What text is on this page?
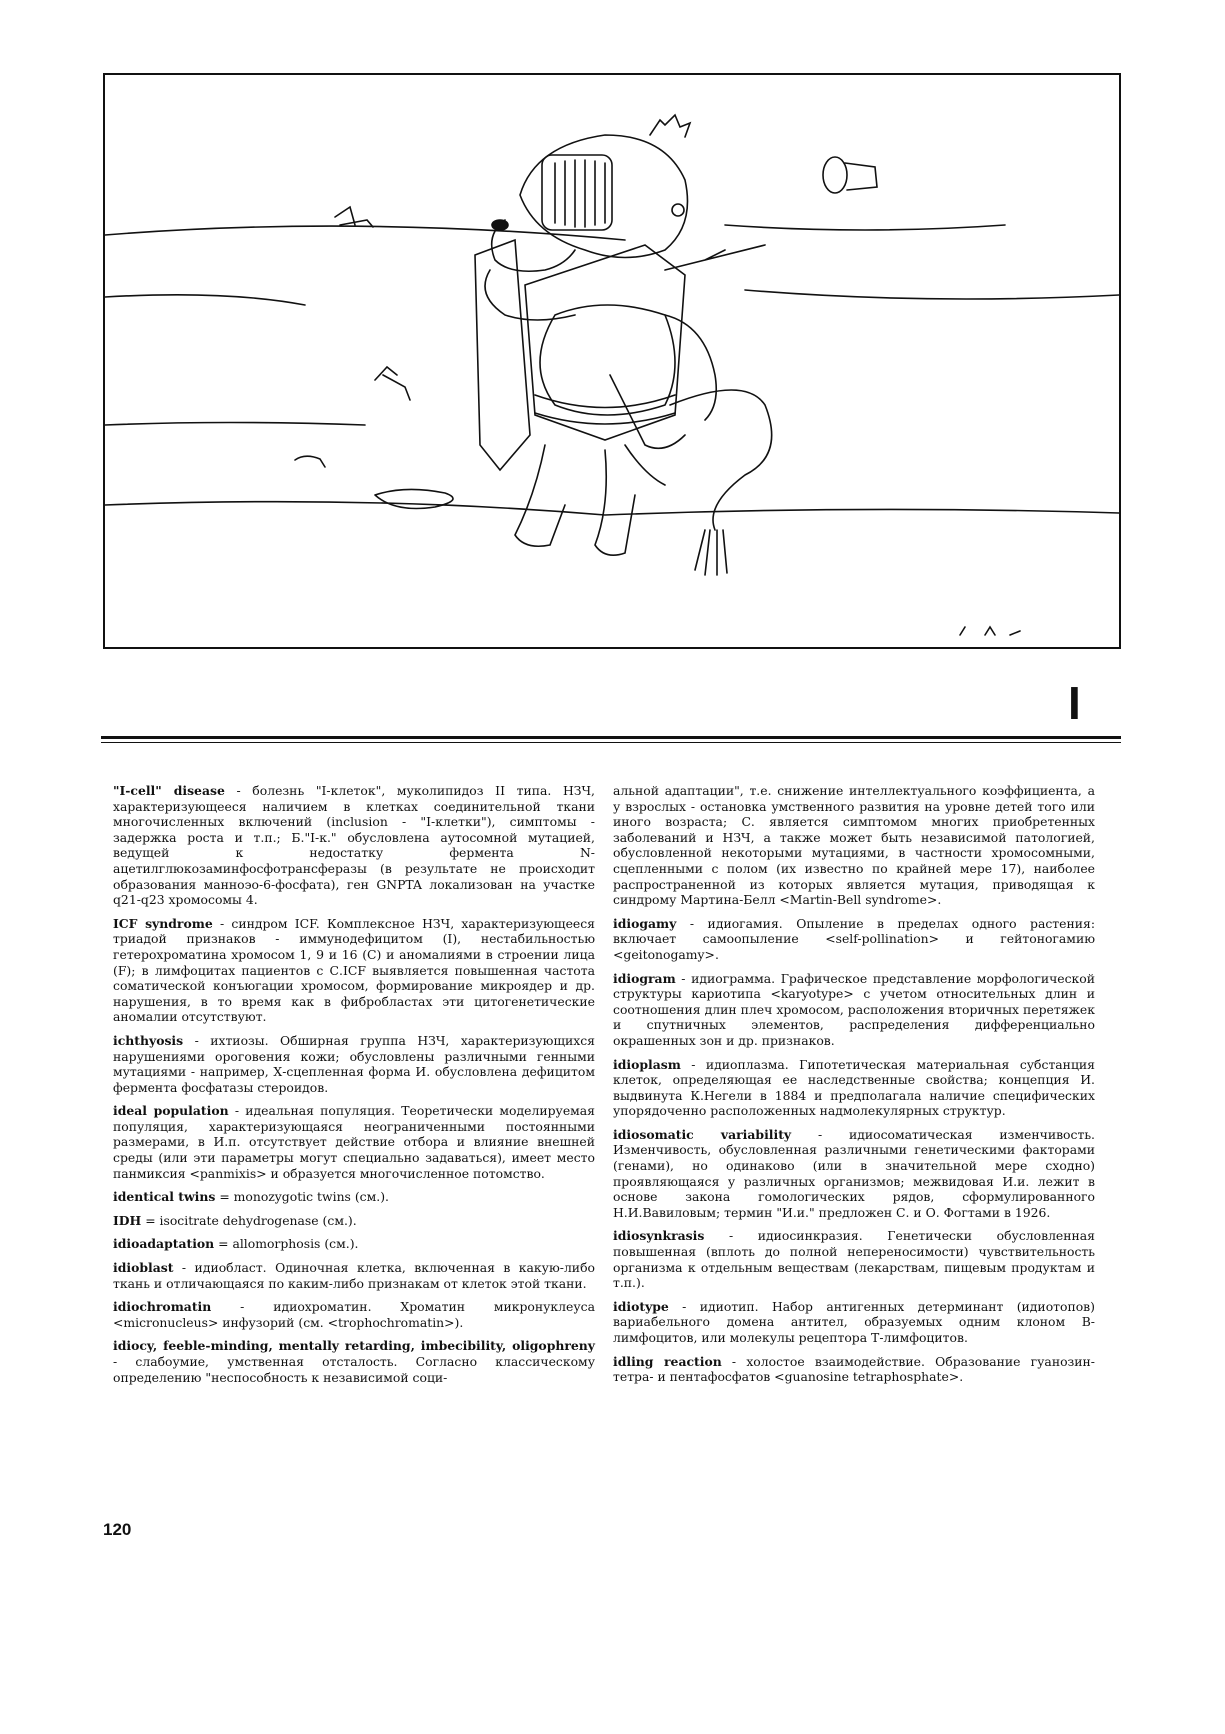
I

"I-cell" disease - болезнь "I-клеток", муколипидоз II типа. НЗЧ, характеризующееся наличием в клетках соединительной ткани многочисленных включений (inclusion - "I-клетки"), симптомы - задержка роста и т.п.; Б."I-к." обусловлена аутосомной мутацией, ведущей к недостатку фермента N-ацетилглюкозаминфосфотрансферазы (в результате не происходит образования манноэо-6-фосфата), ген GNPTA локализован на участке q21-q23 хромосомы 4.

ICF syndrome - синдром ICF. Комплексное НЗЧ, характеризующееся триадой признаков - иммунодефицитом (I), нестабильностью гетерохроматина хромосом 1, 9 и 16 (C) и аномалиями в строении лица (F); в лимфоцитах пациентов с С.ICF выявляется повышенная частота соматической конъюгации хромосом, формирование микроядер и др. нарушения, в то время как в фибробластах эти цитогенетические аномалии отсутствуют.

ichthyosis - ихтиозы. Обширная группа НЗЧ, характеризующихся нарушениями ороговения кожи; обусловлены различными генными мутациями - например, Х-сцепленная форма И. обусловлена дефицитом фермента фосфатазы стероидов.

ideal population - идеальная популяция. Теоретически моделируемая популяция, характеризующаяся неограниченными постоянными размерами, в И.п. отсутствует действие отбора и влияние внешней среды (или эти параметры могут специально задаваться), имеет место панмиксия <panmixis> и образуется многочисленное потомство.

identical twins = monozygotic twins (см.).

IDH = isocitrate dehydrogenase (см.).

idioadaptation = allomorphosis (см.).

idioblast - идиобласт. Одиночная клетка, включенная в какую-либо ткань и отличающаяся по каким-либо признакам от клеток этой ткани.

idiochromatin - идиохроматин. Хроматин микронуклеуса <micronucleus> инфузорий (см. <trophochromatin>).

idiocy, feeble-minding, mentally retarding, imbecibility, oligophreny - слабоумие, умственная отсталость. Согласно классическому определению "неспособность к независимой соци-

альной адаптации", т.е. снижение интеллектуального коэффициента, а у взрослых - остановка умственного развития на уровне детей того или иного возраста; С. является симптомом многих приобретенных заболеваний и НЗЧ, а также может быть независимой патологией, обусловленной некоторыми мутациями, в частности хромосомными, сцепленными с полом (их известно по крайней мере 17), наиболее распространенной из которых является мутация, приводящая к синдрому Мартина-Белл <Martin-Bell syndrome>.

idiogamy - идиогамия. Опыление в пределах одного растения: включает самоопыление <self-pollination> и гейтоногамию <geitonogamy>.

idiogram - идиограмма. Графическое представление морфологической структуры кариотипа <karyotype> с учетом относительных длин и соотношения длин плеч хромосом, расположения вторичных перетяжек и спутничных элементов, распределения дифференциально окрашенных зон и др. признаков.

idioplasm - идиоплазма. Гипотетическая материальная субстанция клеток, определяющая ее наследственные свойства; концепция И. выдвинута К.Негели в 1884 и предполагала наличие специфических упорядоченно расположенных надмолекулярных структур.

idiosomatic variability - идиосоматическая изменчивость. Изменчивость, обусловленная различными генетическими факторами (генами), но одинаково (или в значительной мере сходно) проявляющаяся у различных организмов; межвидовая И.и. лежит в основе закона гомологических рядов, сформулированного Н.И.Вавиловым; термин "И.и." предложен С. и О. Фогтами в 1926.

idiosynkrasis - идиосинкразия. Генетически обусловленная повышенная (вплоть до полной непереносимости) чувствительность организма к отдельным веществам (лекарствам, пищевым продуктам и т.п.).

idiotype - идиотип. Набор антигенных детерминант (идиотопов) вариабельного домена антител, образуемых одним клоном В-лимфоцитов, или молекулы рецептора Т-лимфоцитов.

idling reaction - холостое взаимодействие. Образование гуанозин-тетра- и пентафосфатов <guanosine tetraphosphate>.

120
